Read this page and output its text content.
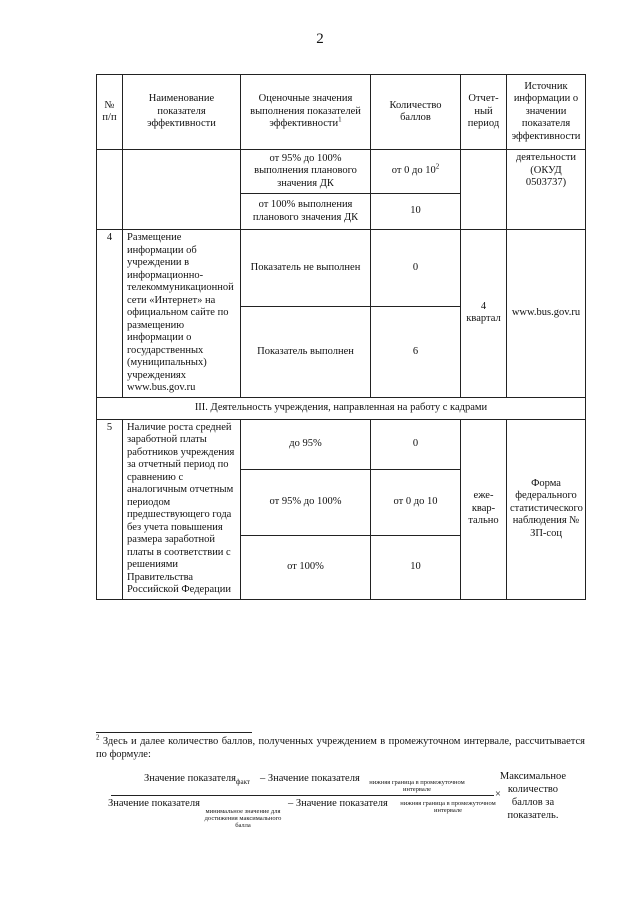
2
№ п/п	Наименование показателя эффективности	Оценочные значения выполнения показателей эффективности$^1$	Количество баллов	Отчет-ный период	Источник информации о значении показателя эффективности
		от 95% до 100% выполнения планового значения ДК	от 0 до $10^2$		деятельности (ОКУД 0503737)
		от 100% выполнения планового значения ДК	10		
4	Размещение информации об учреждении в информационно-телекоммуникационной сети «Интернет» на официальном сайте по размещению информации о государственных (муниципальных) учреждениях www.bus.gov.ru	Показатель не выполнен	0	4 квартал	www.bus.gov.ru
		Показатель выполнен	6		
III. Деятельность учреждения, направленная на работу с кадрами					
5	Наличие роста средней заработной платы работников учреждения за отчетный период по сравнению с аналогичным отчетным периодом предшествующего года без учета повышения размера заработной платы в соответствии с решениями Правительства Российской Федерации	до 95%	0	еже-квар-тально	Форма федерального статистического наблюдения № ЗП-соц
		от 95% до 100%	от 0 до 10		
		от 100%	10		
$^2$ Здесь и далее количество баллов, полученных учреждением в промежуточном интервале, рассчитывается по формуле:
Значение показателя$_{факт}$ – Значение показателя	нижняя граница в промежуточном интервале	×
Значение показателя
минимальное значение для достижения максимального балла
– Значение показателя	нижняя граница в промежуточном интервале
Максимальное количество баллов за показатель.
